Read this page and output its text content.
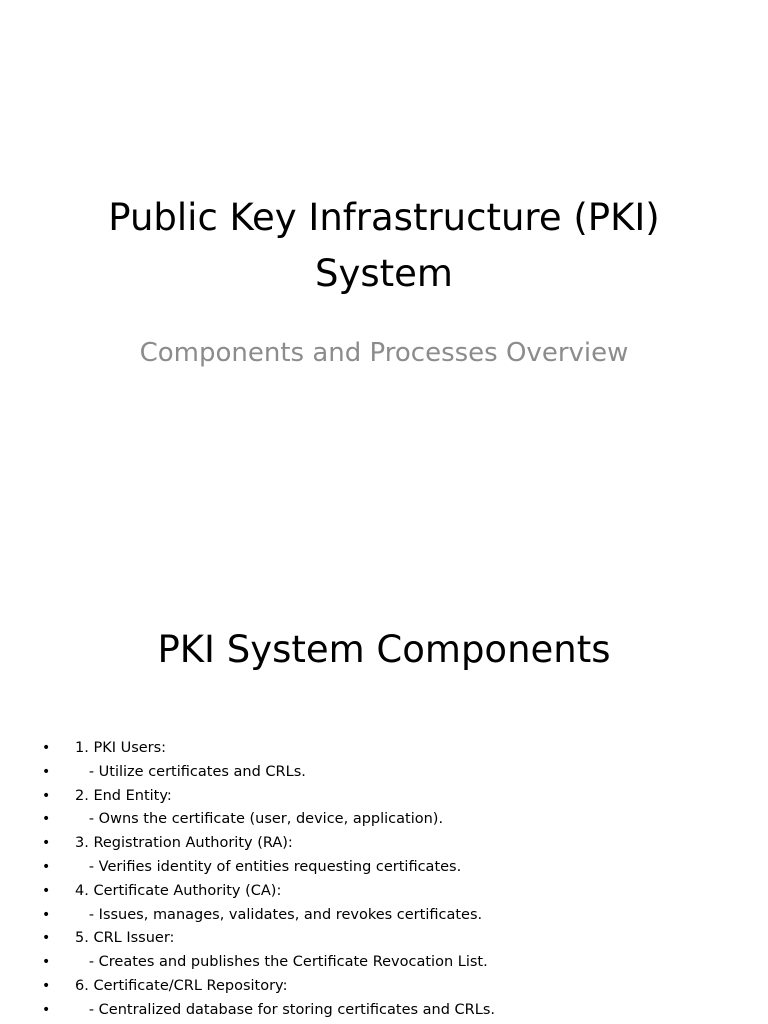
Public Key Infrastructure (PKI) System

Components and Processes Overview

PKI System Components
• 1. PKI Users:
• - Utilize certificates and CRLs.
• 2. End Entity:
• - Owns the certificate (user, device, application).
• 3. Registration Authority (RA):
• - Verifies identity of entities requesting certificates.
• 4. Certificate Authority (CA):
• - Issues, manages, validates, and revokes certificates.
• 5. CRL Issuer:
• - Creates and publishes the Certificate Revocation List.
• 6. Certificate/CRL Repository:
• - Centralized database for storing certificates and CRLs.
